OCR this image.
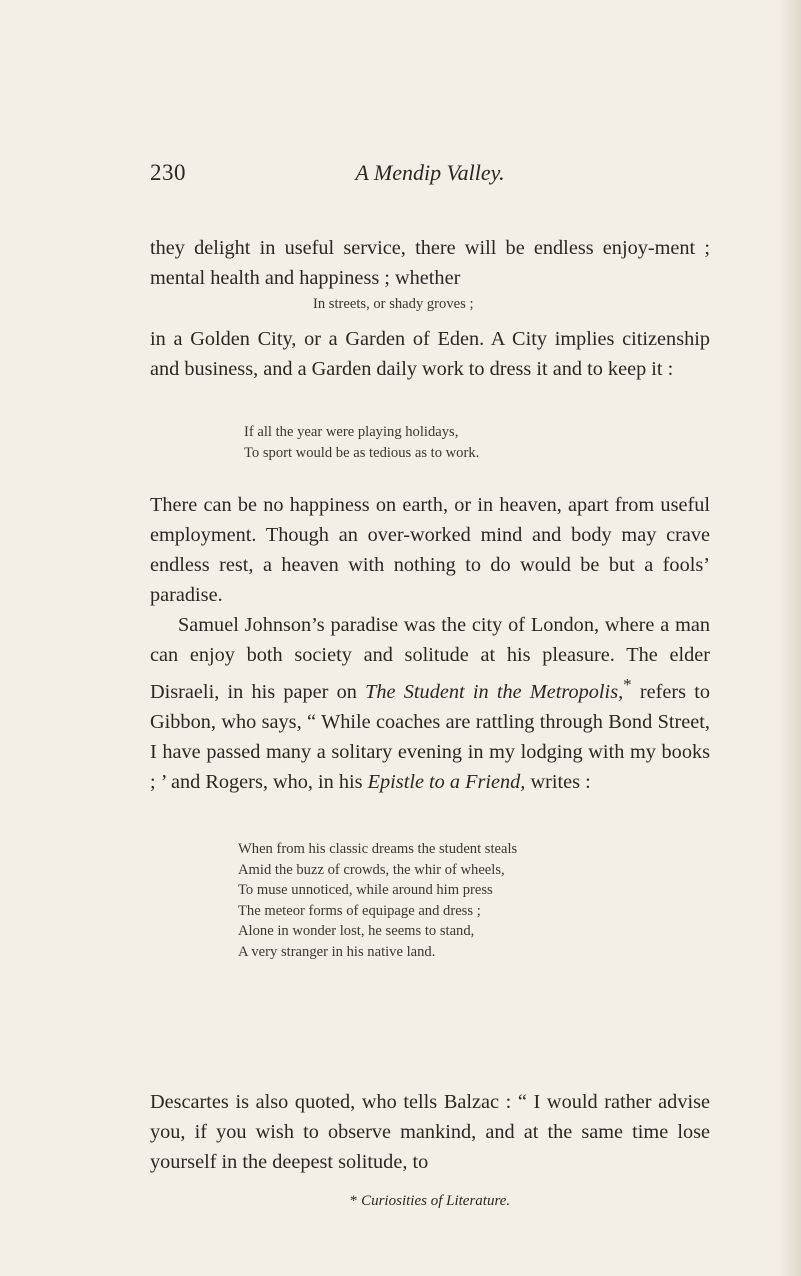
230	A Mendip Valley.

they delight in useful service, there will be endless enjoy-ment ; mental health and happiness ; whether

In streets, or shady groves ;

in a Golden City, or a Garden of Eden. A City implies citizenship and business, and a Garden daily work to dress it and to keep it :

If all the year were playing holidays,
To sport would be as tedious as to work.

There can be no happiness on earth, or in heaven, apart from useful employment. Though an over-worked mind and body may crave endless rest, a heaven with nothing to do would be but a fools’ paradise.

Samuel Johnson’s paradise was the city of London, where a man can enjoy both society and solitude at his pleasure. The elder Disraeli, in his paper on The Student in the Metropolis,* refers to Gibbon, who says, “ While coaches are rattling through Bond Street, I have passed many a solitary evening in my lodging with my books ; ’ and Rogers, who, in his Epistle to a Friend, writes :

When from his classic dreams the student steals
Amid the buzz of crowds, the whir of wheels,
To muse unnoticed, while around him press
The meteor forms of equipage and dress ;
Alone in wonder lost, he seems to stand,
A very stranger in his native land.

Descartes is also quoted, who tells Balzac : “ I would rather advise you, if you wish to observe mankind, and at the same time lose yourself in the deepest solitude, to

* Curiosities of Literature.
